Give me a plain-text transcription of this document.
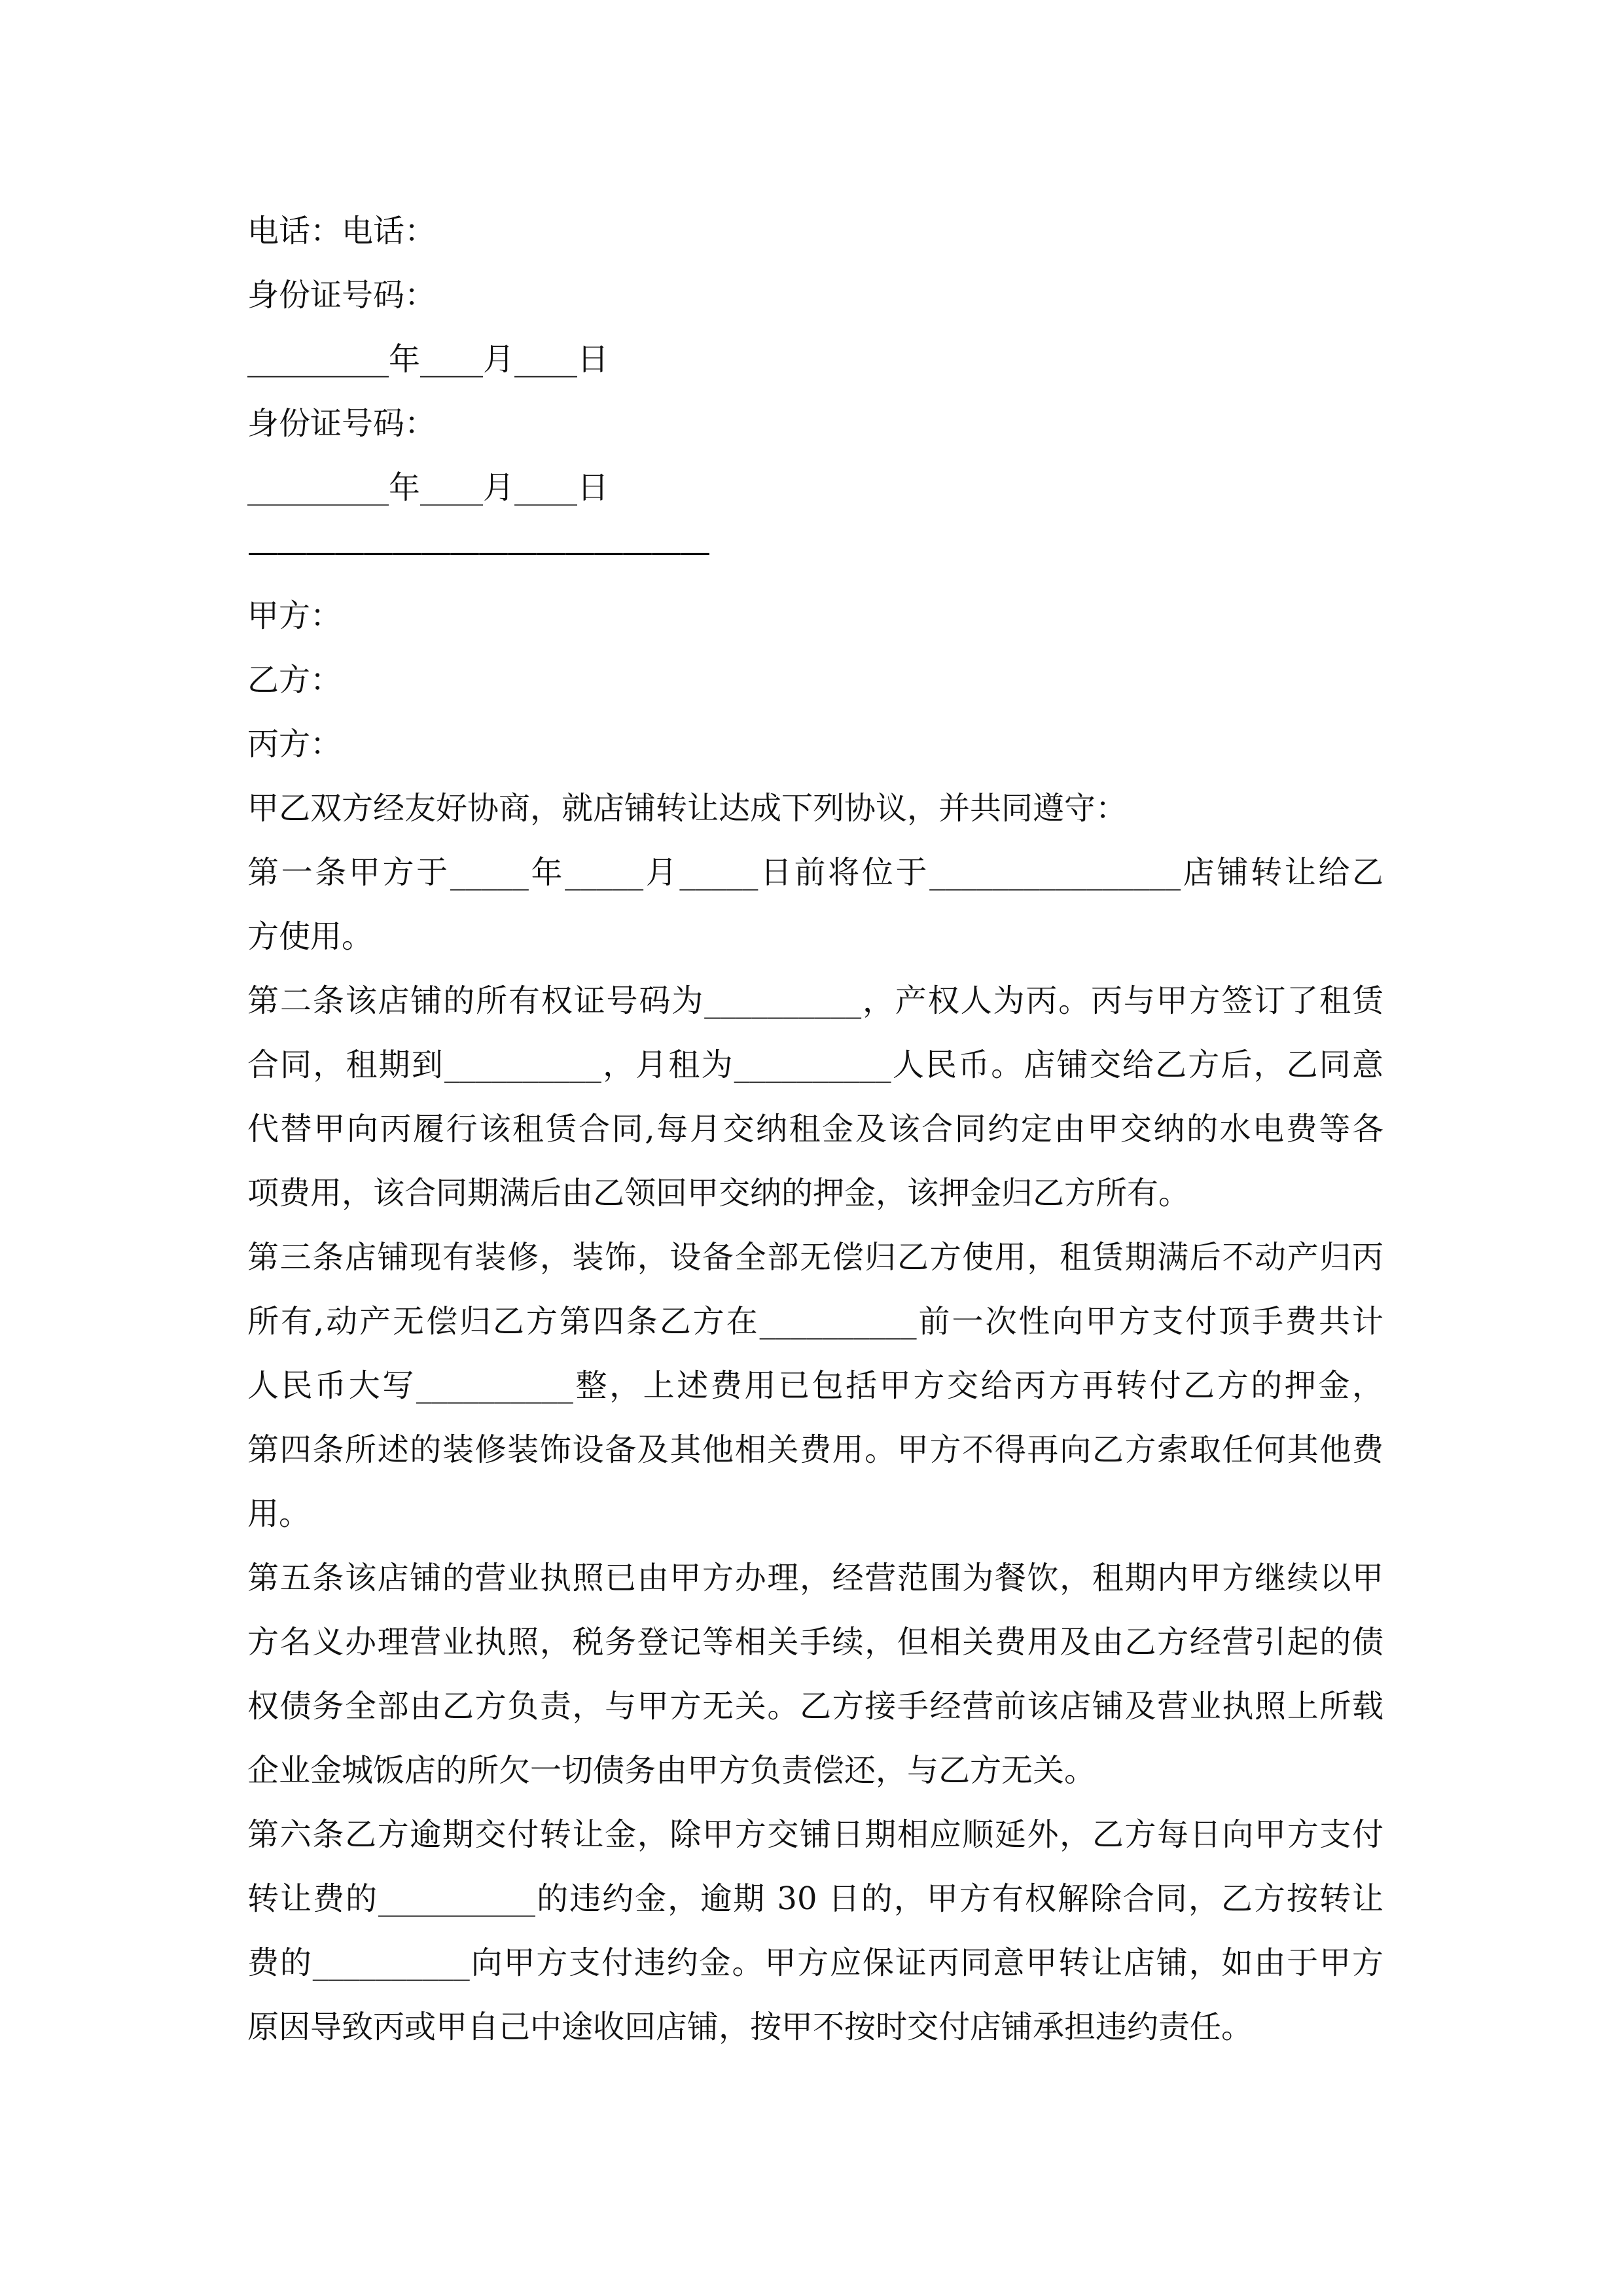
电话：电话：
身份证号码：
_________年____月____日
身份证号码：
_________年____月____日
————————————————
甲方：
乙方：
丙方：
甲乙双方经友好协商，就店铺转让达成下列协议，并共同遵守：
第一条甲方于_____年_____月_____日前将位于________________店铺转让给乙
方使用。
第二条该店铺的所有权证号码为__________，产权人为丙。丙与甲方签订了租赁
合同，租期到__________，月租为__________人民币。店铺交给乙方后，乙同意
代替甲向丙履行该租赁合同,每月交纳租金及该合同约定由甲交纳的水电费等各
项费用，该合同期满后由乙领回甲交纳的押金，该押金归乙方所有。
第三条店铺现有装修，装饰，设备全部无偿归乙方使用，租赁期满后不动产归丙
所有,动产无偿归乙方第四条乙方在__________前一次性向甲方支付顶手费共计
人民币大写__________整，上述费用已包括甲方交给丙方再转付乙方的押金，
第四条所述的装修装饰设备及其他相关费用。甲方不得再向乙方索取任何其他费
用。
第五条该店铺的营业执照已由甲方办理，经营范围为餐饮，租期内甲方继续以甲
方名义办理营业执照，税务登记等相关手续，但相关费用及由乙方经营引起的债
权债务全部由乙方负责，与甲方无关。乙方接手经营前该店铺及营业执照上所载
企业金城饭店的所欠一切债务由甲方负责偿还，与乙方无关。
第六条乙方逾期交付转让金，除甲方交铺日期相应顺延外，乙方每日向甲方支付
转让费的__________的违约金，逾期 30 日的，甲方有权解除合同，乙方按转让
费的__________向甲方支付违约金。甲方应保证丙同意甲转让店铺，如由于甲方
原因导致丙或甲自己中途收回店铺，按甲不按时交付店铺承担违约责任。
